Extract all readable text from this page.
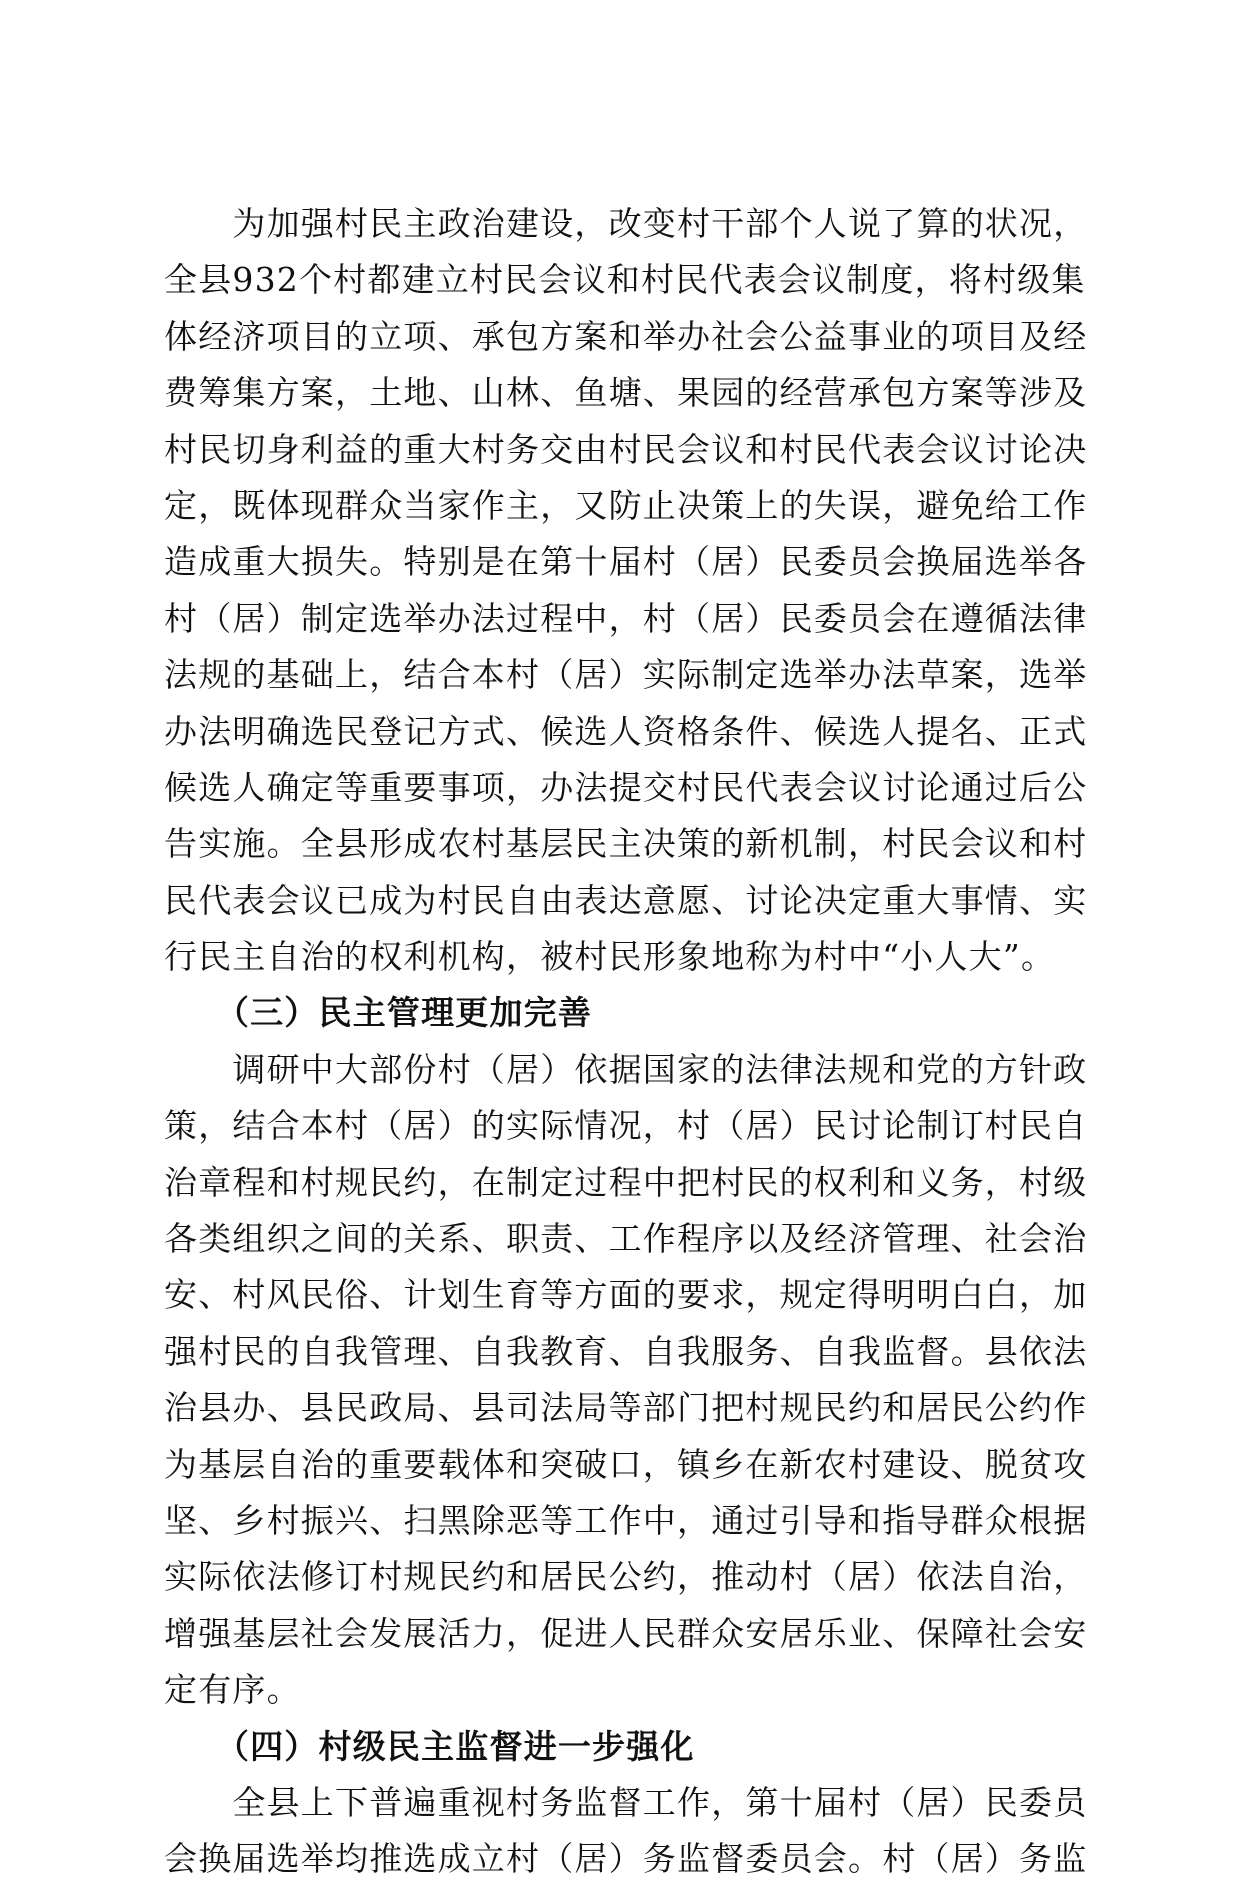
　　为加强村民主政治建设，改变村干部个人说了算的状况，
全县932个村都建立村民会议和村民代表会议制度，将村级集
体经济项目的立项、承包方案和举办社会公益事业的项目及经
费筹集方案，土地、山林、鱼塘、果园的经营承包方案等涉及
村民切身利益的重大村务交由村民会议和村民代表会议讨论决
定，既体现群众当家作主，又防止决策上的失误，避免给工作
造成重大损失。特别是在第十届村（居）民委员会换届选举各
村（居）制定选举办法过程中，村（居）民委员会在遵循法律
法规的基础上，结合本村（居）实际制定选举办法草案，选举
办法明确选民登记方式、候选人资格条件、候选人提名、正式
候选人确定等重要事项，办法提交村民代表会议讨论通过后公
告实施。全县形成农村基层民主决策的新机制，村民会议和村
民代表会议已成为村民自由表达意愿、讨论决定重大事情、实
行民主自治的权利机构，被村民形象地称为村中“小人大”。
　　（三）民主管理更加完善
　　调研中大部份村（居）依据国家的法律法规和党的方针政
策，结合本村（居）的实际情况，村（居）民讨论制订村民自
治章程和村规民约，在制定过程中把村民的权利和义务，村级
各类组织之间的关系、职责、工作程序以及经济管理、社会治
安、村风民俗、计划生育等方面的要求，规定得明明白白，加
强村民的自我管理、自我教育、自我服务、自我监督。县依法
治县办、县民政局、县司法局等部门把村规民约和居民公约作
为基层自治的重要载体和突破口，镇乡在新农村建设、脱贫攻
坚、乡村振兴、扫黑除恶等工作中，通过引导和指导群众根据
实际依法修订村规民约和居民公约，推动村（居）依法自治，
增强基层社会发展活力，促进人民群众安居乐业、保障社会安
定有序。
　　（四）村级民主监督进一步强化
　　全县上下普遍重视村务监督工作，第十届村（居）民委员
会换届选举均推选成立村（居）务监督委员会。村（居）务监
